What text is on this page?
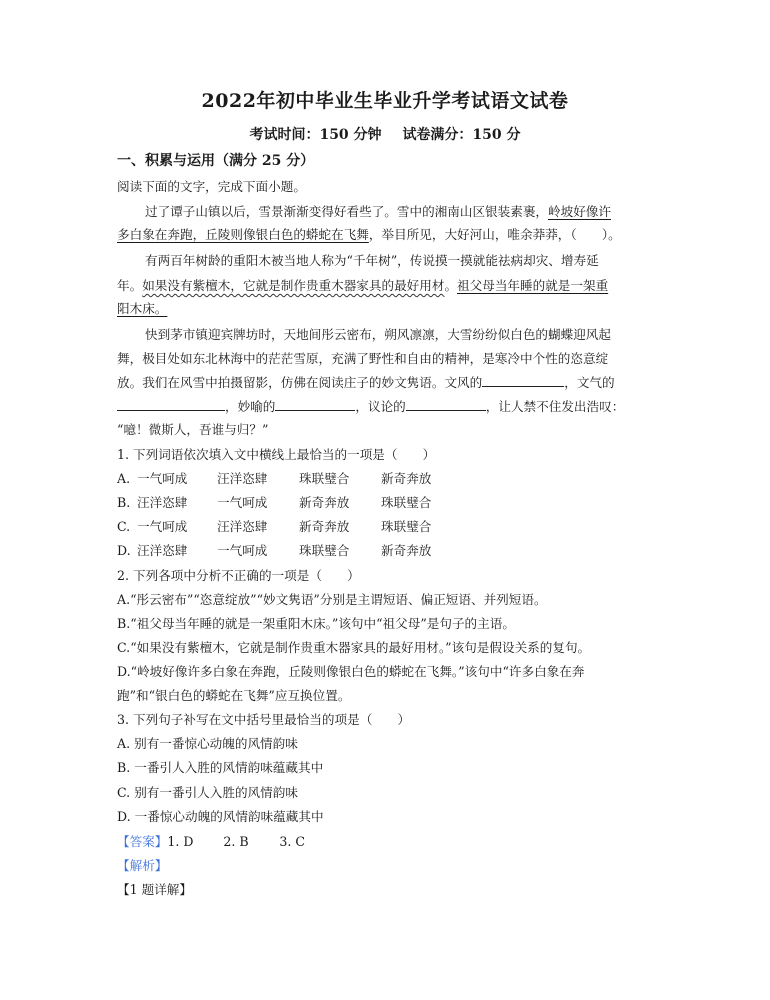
2022年初中毕业生毕业升学考试语文试卷
考试时间：150 分钟 试卷满分：150 分
一、积累与运用（满分 25 分）
阅读下面的文字，完成下面小题。
过了谭子山镇以后，雪景渐渐变得好看些了。雪中的湘南山区银装素裹，岭坡好像许
多白象在奔跑，丘陵则像银白色的蟒蛇在飞舞，举目所见，大好河山，唯余莽莽，（　　）。
有两百年树龄的重阳木被当地人称为“千年树”，传说摸一摸就能祛病却灾、增寿延
年。如果没有紫檀木，它就是制作贵重木器家具的最好用材。祖父母当年睡的就是一架重
阳木床。
快到茅市镇迎宾牌坊时，天地间彤云密布，朔风凛凛，大雪纷纷似白色的蝴蝶迎风起
舞，极目处如东北林海中的茫茫雪原，充满了野性和自由的精神，是寒冷中个性的恣意绽
放。我们在风雪中拍摄留影，仿佛在阅读庄子的妙文隽语。文风的	，文气的
，妙喻的	，议论的	，让人禁不住发出浩叹：
“噫！微斯人，吾谁与归？”
1. 下列词语依次填入文中横线上最恰当的一项是（　　）
A. 一气呵成 汪洋恣肆	珠联璧合	新奇奔放
B. 汪洋恣肆 一气呵成	新奇奔放	珠联璧合
C. 一气呵成 汪洋恣肆	新奇奔放	珠联璧合
D. 汪洋恣肆 一气呵成	珠联璧合	新奇奔放
2. 下列各项中分析不正确的一项是（　　）
A.“彤云密布”“恣意绽放”“妙文隽语”分别是主谓短语、偏正短语、并列短语。
B.“祖父母当年睡的就是一架重阳木床。”该句中“祖父母”是句子的主语。
C.“如果没有紫檀木，它就是制作贵重木器家具的最好用材。”该句是假设关系的复句。
D.“岭坡好像许多白象在奔跑，丘陵则像银白色的蟒蛇在飞舞。”该句中“许多白象在奔
跑”和“银白色的蟒蛇在飞舞”应互换位置。
3. 下列句子补写在文中括号里最恰当的项是（　　）
A. 别有一番惊心动魄的风情韵味
B. 一番引人入胜的风情韵味蕴藏其中
C. 别有一番引人入胜的风情韵味
D. 一番惊心动魄的风情韵味蕴藏其中
【答案】1. D 2. B 3. C
【解析】
【1 题详解】
